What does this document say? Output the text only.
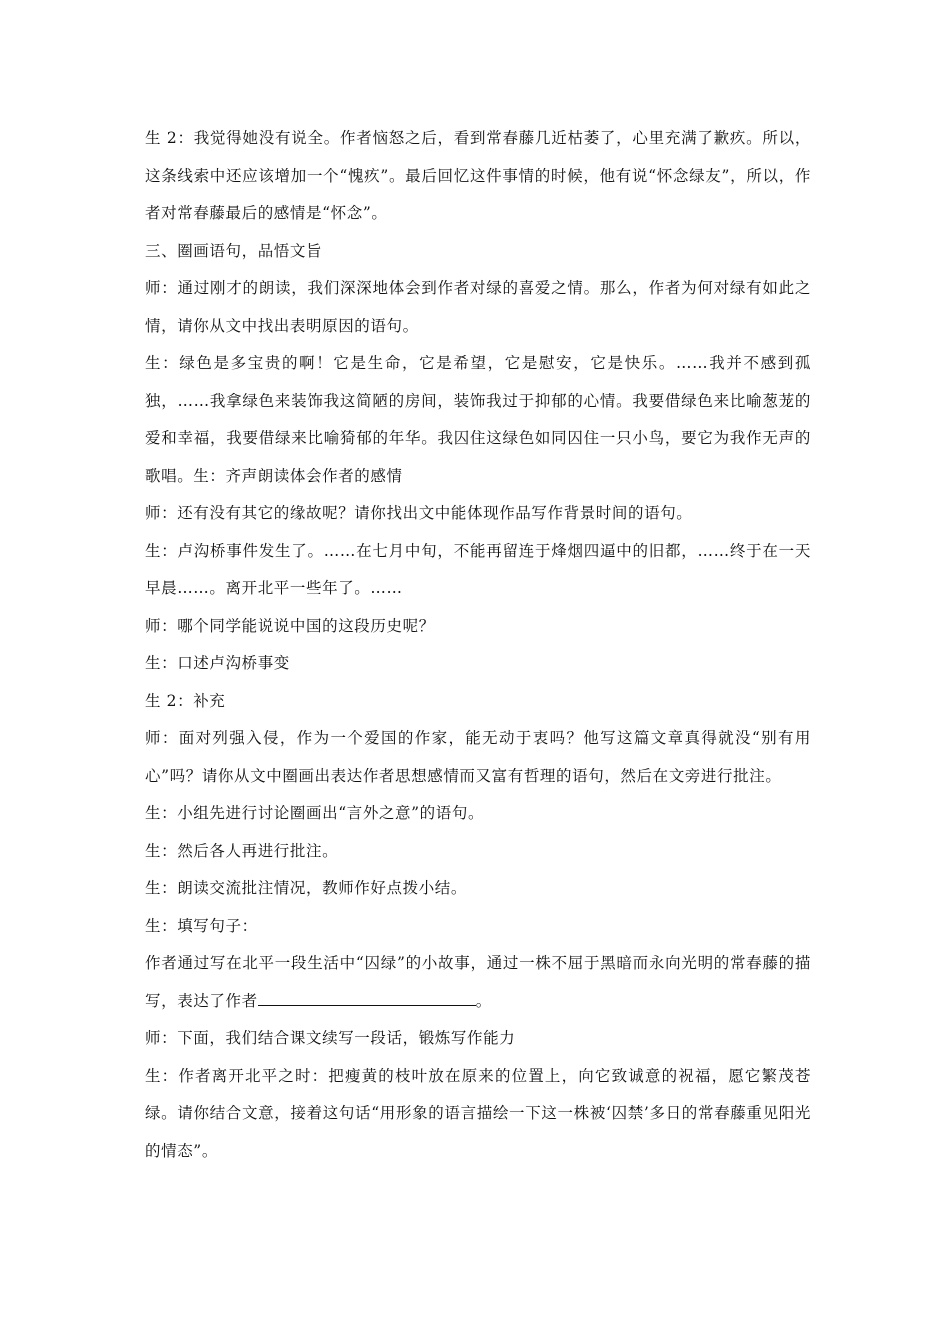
生 2：我觉得她没有说全。作者恼怒之后，看到常春藤几近枯萎了，心里充满了歉疚。所以，这条线索中还应该增加一个“愧疚”。最后回忆这件事情的时候，他有说“怀念绿友”，所以，作者对常春藤最后的感情是“怀念”。

三、圈画语句，品悟文旨

师：通过刚才的朗读，我们深深地体会到作者对绿的喜爱之情。那么，作者为何对绿有如此之情，请你从文中找出表明原因的语句。

生：绿色是多宝贵的啊！它是生命，它是希望，它是慰安，它是快乐。……我并不感到孤独，……我拿绿色来装饰我这简陋的房间，装饰我过于抑郁的心情。我要借绿色来比喻葱茏的爱和幸福，我要借绿来比喻猗郁的年华。我囚住这绿色如同囚住一只小鸟，要它为我作无声的歌唱。生：齐声朗读体会作者的感情

师：还有没有其它的缘故呢？请你找出文中能体现作品写作背景时间的语句。

生：卢沟桥事件发生了。……在七月中旬，不能再留连于烽烟四逼中的旧都，……终于在一天早晨……。离开北平一些年了。……

师：哪个同学能说说中国的这段历史呢？

生：口述卢沟桥事变

生 2：补充

师：面对列强入侵，作为一个爱国的作家，能无动于衷吗？他写这篇文章真得就没“别有用心”吗？请你从文中圈画出表达作者思想感情而又富有哲理的语句，然后在文旁进行批注。

生：小组先进行讨论圈画出“言外之意”的语句。

生：然后各人再进行批注。

生：朗读交流批注情况，教师作好点拨小结。

生：填写句子：

作者通过写在北平一段生活中“囚绿”的小故事，通过一株不屈于黑暗而永向光明的常春藤的描写，表达了作者	。

师：下面，我们结合课文续写一段话，锻炼写作能力

生：作者离开北平之时：把瘦黄的枝叶放在原来的位置上，向它致诚意的祝福，愿它繁茂苍绿。请你结合文意，接着这句话“用形象的语言描绘一下这一株被‘囚禁’多日的常春藤重见阳光的情态”。
